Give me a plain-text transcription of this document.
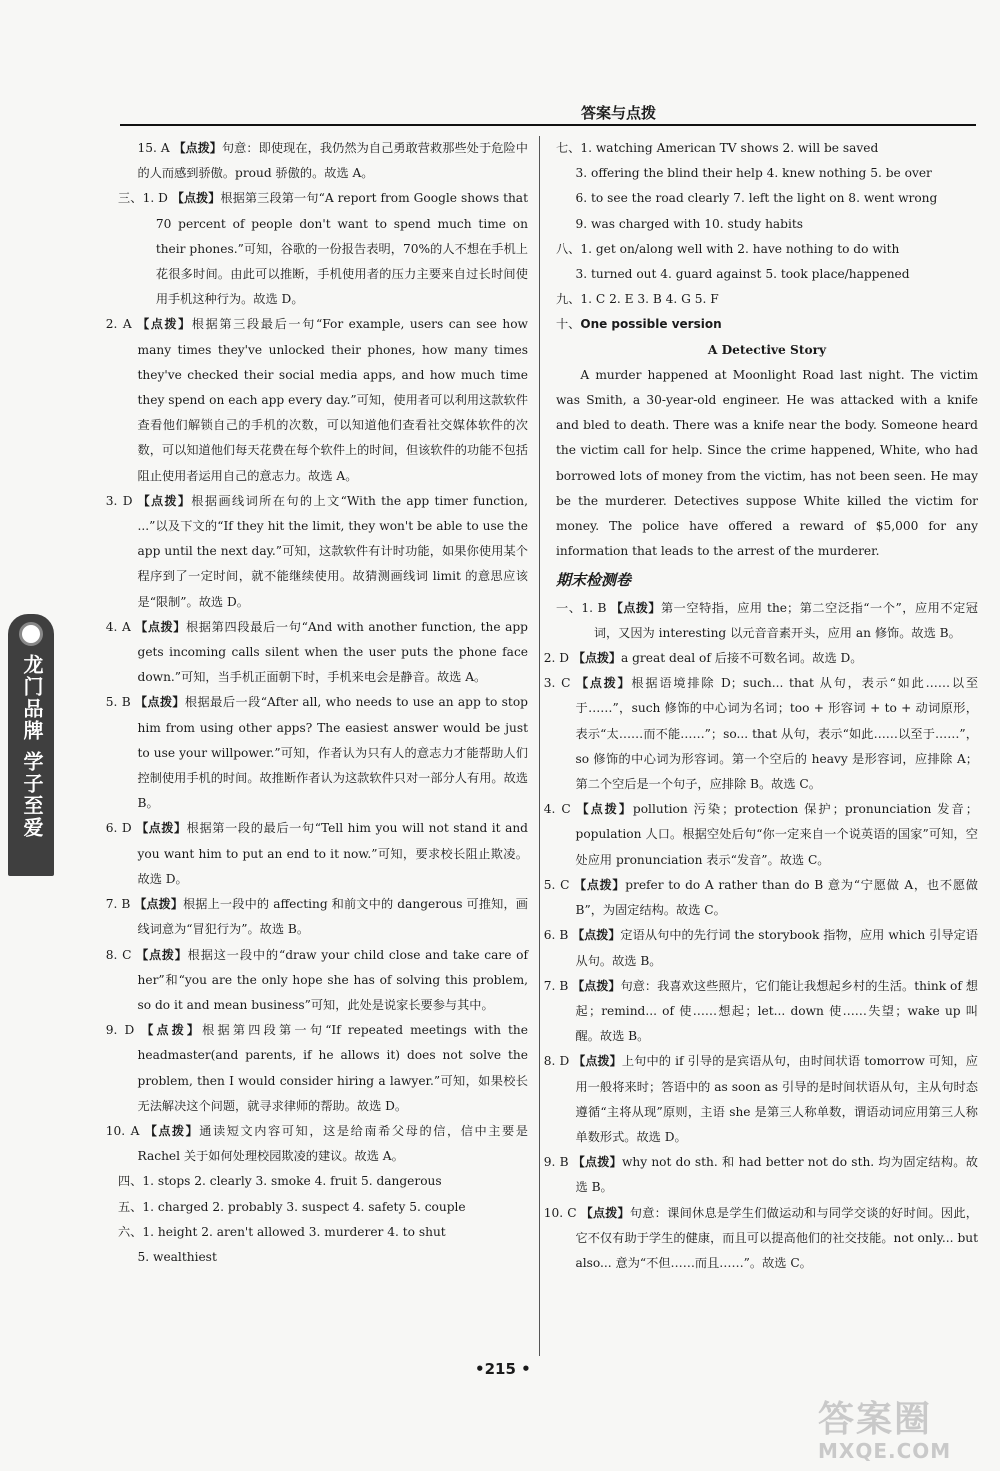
答案与点拨

15. A 【点拨】句意：即使现在，我仍然为自己勇敢营救那些处于危险中的人而感到骄傲。proud 骄傲的。故选 A。

三、1. D 【点拨】根据第三段第一句“A report from Google shows that 70 percent of people don't want to spend much time on their phones.”可知，谷歌的一份报告表明，70%的人不想在手机上花很多时间。由此可以推断，手机使用者的压力主要来自过长时间使用手机这种行为。故选 D。

2. A 【点拨】根据第三段最后一句“For example, users can see how many times they've unlocked their phones, how many times they've checked their social media apps, and how much time they spend on each app every day.”可知，使用者可以利用这款软件查看他们解锁自己的手机的次数，可以知道他们查看社交媒体软件的次数，可以知道他们每天花费在每个软件上的时间，但该软件的功能不包括阻止使用者运用自己的意志力。故选 A。

3. D 【点拨】根据画线词所在句的上文“With the app timer function, ...”以及下文的“If they hit the limit, they won't be able to use the app until the next day.”可知，这款软件有计时功能，如果你使用某个程序到了一定时间，就不能继续使用。故猜测画线词 limit 的意思应该是“限制”。故选 D。

4. A 【点拨】根据第四段最后一句“And with another function, the app gets incoming calls silent when the user puts the phone face down.”可知，当手机正面朝下时，手机来电会是静音。故选 A。

5. B 【点拨】根据最后一段“After all, who needs to use an app to stop him from using other apps? The easiest answer would be just to use your willpower.”可知，作者认为只有人的意志力才能帮助人们控制使用手机的时间。故推断作者认为这款软件只对一部分人有用。故选 B。

6. D 【点拨】根据第一段的最后一句“Tell him you will not stand it and you want him to put an end to it now.”可知，要求校长阻止欺凌。故选 D。

7. B 【点拨】根据上一段中的 affecting 和前文中的 dangerous 可推知，画线词意为“冒犯行为”。故选 B。

8. C 【点拨】根据这一段中的“draw your child close and take care of her”和“you are the only hope she has of solving this problem, so do it and mean business”可知，此处是说家长要参与其中。

9. D 【点拨】根据第四段第一句“If repeated meetings with the headmaster(and parents, if he allows it) does not solve the problem, then I would consider hiring a lawyer.”可知，如果校长无法解决这个问题，就寻求律师的帮助。故选 D。

10. A 【点拨】通读短文内容可知，这是给南希父母的信，信中主要是 Rachel 关于如何处理校园欺凌的建议。故选 A。

四、1. stops 2. clearly 3. smoke 4. fruit 5. dangerous

五、1. charged 2. probably 3. suspect 4. safety 5. couple

六、1. height 2. aren't allowed 3. murderer 4. to shut

5. wealthiest

七、1. watching American TV shows 2. will be saved

3. offering the blind their help 4. knew nothing 5. be over

6. to see the road clearly 7. left the light on 8. went wrong

9. was charged with 10. study habits

八、1. get on/along well with 2. have nothing to do with

3. turned out 4. guard against 5. took place/happened

九、1. C 2. E 3. B 4. G 5. F

十、One possible version

A Detective Story

A murder happened at Moonlight Road last night. The victim was Smith, a 30-year-old engineer. He was attacked with a knife and bled to death. There was a knife near the body. Someone heard the victim call for help. Since the crime happened, White, who had borrowed lots of money from the victim, has not been seen. He may be the murderer. Detectives suppose White killed the victim for money. The police have offered a reward of $5,000 for any information that leads to the arrest of the murderer.

期末检测卷

一、1. B 【点拨】第一空特指，应用 the；第二空泛指“一个”，应用不定冠词，又因为 interesting 以元音音素开头，应用 an 修饰。故选 B。

2. D 【点拨】a great deal of 后接不可数名词。故选 D。

3. C 【点拨】根据语境排除 D；such... that 从句，表示“如此……以至于……”，such 修饰的中心词为名词；too + 形容词 + to + 动词原形，表示“太……而不能……”；so... that 从句，表示“如此……以至于……”，so 修饰的中心词为形容词。第一个空后的 heavy 是形容词，应排除 A；第二个空后是一个句子，应排除 B。故选 C。

4. C 【点拨】pollution 污染；protection 保护；pronunciation 发音；population 人口。根据空处后句“你一定来自一个说英语的国家”可知，空处应用 pronunciation 表示“发音”。故选 C。

5. C 【点拨】prefer to do A rather than do B 意为“宁愿做 A，也不愿做 B”，为固定结构。故选 C。

6. B 【点拨】定语从句中的先行词 the storybook 指物，应用 which 引导定语从句。故选 B。

7. B 【点拨】句意：我喜欢这些照片，它们能让我想起乡村的生活。think of 想起；remind... of 使……想起；let... down 使……失望；wake up 叫醒。故选 B。

8. D 【点拨】上句中的 if 引导的是宾语从句，由时间状语 tomorrow 可知，应用一般将来时；答语中的 as soon as 引导的是时间状语从句，主从句时态遵循“主将从现”原则，主语 she 是第三人称单数，谓语动词应用第三人称单数形式。故选 D。

9. B 【点拨】why not do sth. 和 had better not do sth. 均为固定结构。故选 B。

10. C 【点拨】句意：课间休息是学生们做运动和与同学交谈的好时间。因此，它不仅有助于学生的健康，而且可以提高他们的社交技能。not only... but also... 意为“不但……而且……”。故选 C。

龙门品牌 学子至爱
•215 •
答案圈
MXQE.COM
